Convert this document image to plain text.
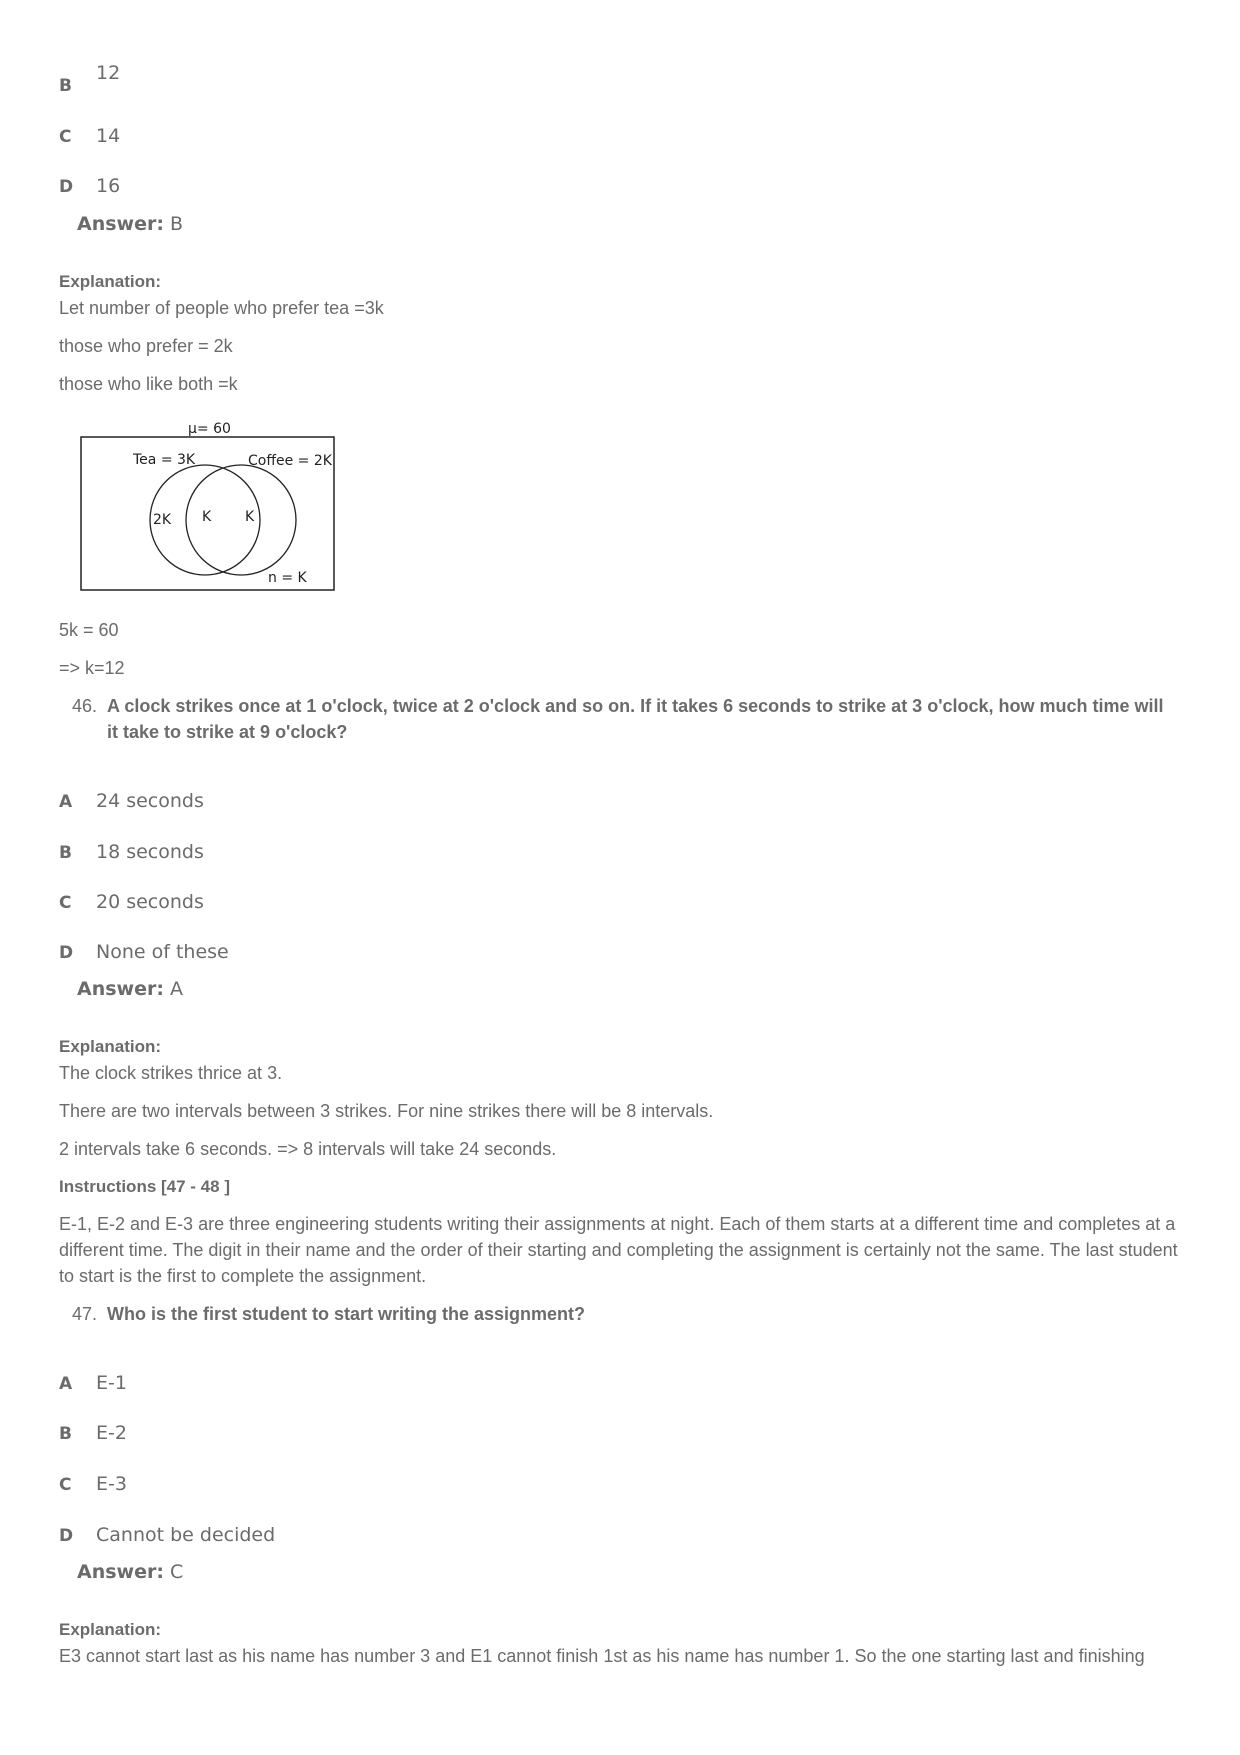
B
12
C 14
D 16
Answer: B
Explanation:
Let number of people who prefer tea =3k
those who prefer = 2k
those who like both =k
μ= 60
Tea = 3K	Coffee = 2K
2K K K
n = K
5k = 60
=> k=12
46. A clock strikes once at 1 o'clock, twice at 2 o'clock and so on. If it takes 6 seconds to strike at 3 o'clock, how much time will it take to strike at 9 o'clock?
A 24 seconds
B 18 seconds
C 20 seconds
D None of these
Answer: A
Explanation:
The clock strikes thrice at 3.
There are two intervals between 3 strikes. For nine strikes there will be 8 intervals.
2 intervals take 6 seconds. => 8 intervals will take 24 seconds.
Instructions [47 - 48 ]
E-1, E-2 and E-3 are three engineering students writing their assignments at night. Each of them starts at a different time and completes at a different time. The digit in their name and the order of their starting and completing the assignment is certainly not the same. The last student to start is the first to complete the assignment.
47. Who is the first student to start writing the assignment?
A E-1
B E-2
C E-3
D Cannot be decided
Answer: C
Explanation:
E3 cannot start last as his name has number 3 and E1 cannot finish 1st as his name has number 1. So the one starting last and finishing
